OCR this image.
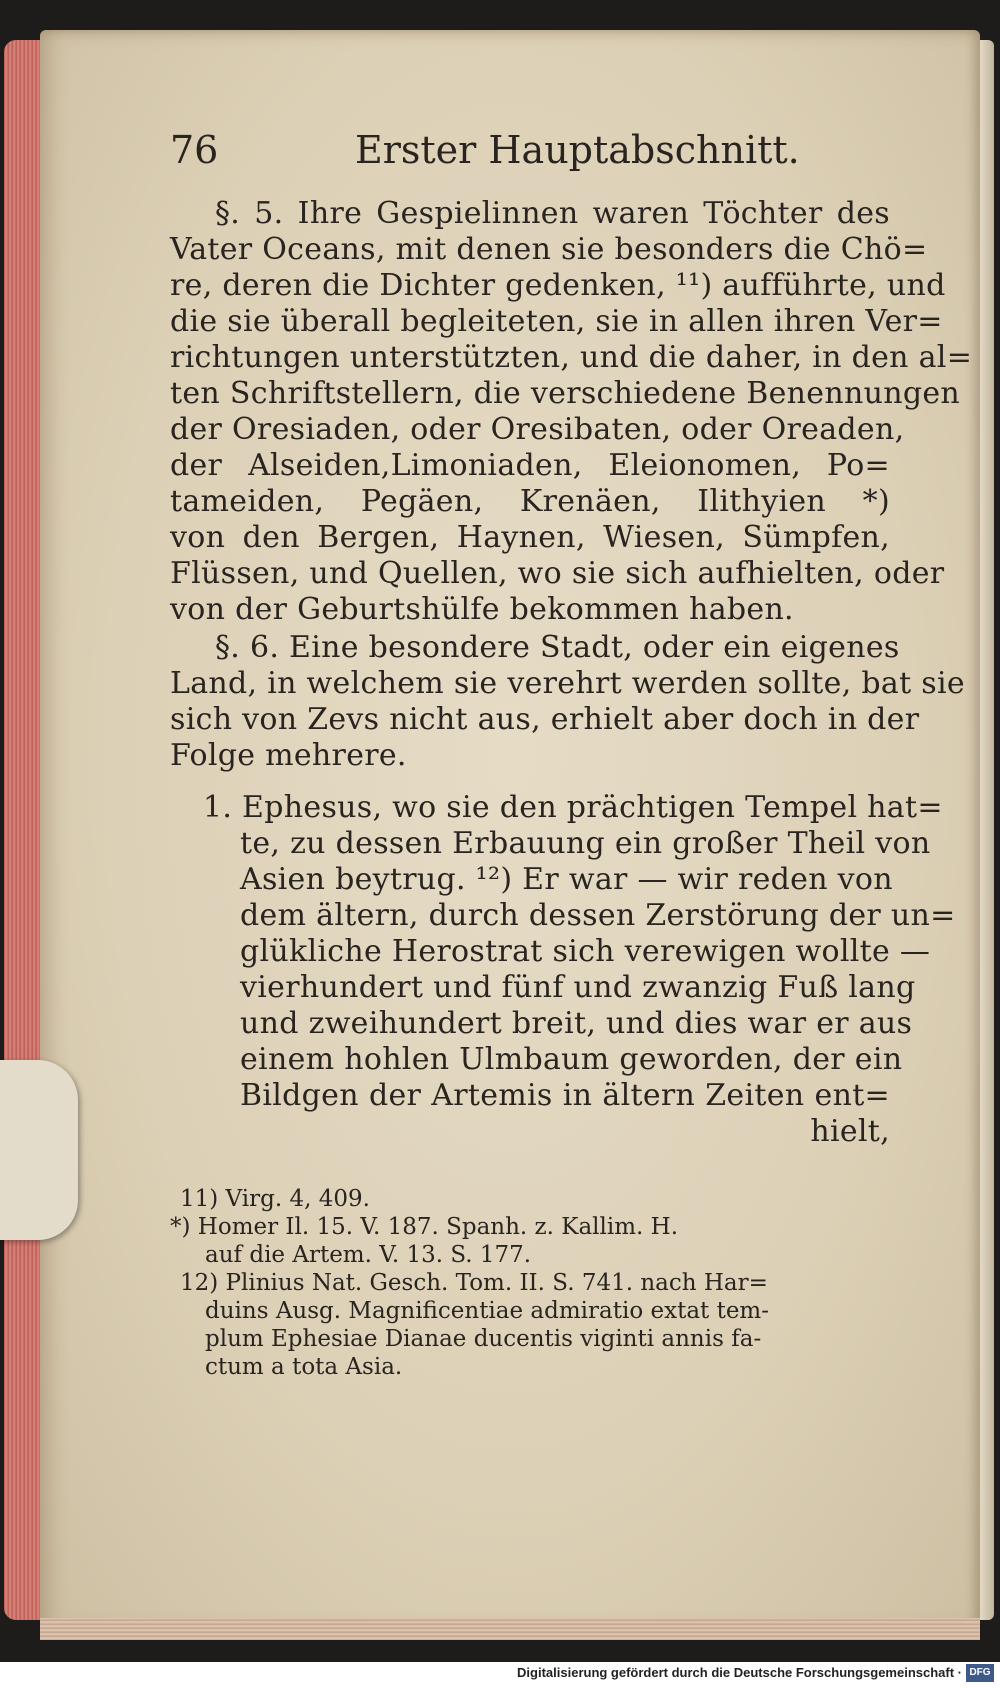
76	Erster Hauptabschnitt.
§. 5. Ihre Gespielinnen waren Töchter des
Vater Oceans, mit denen sie besonders die Chö=
re, deren die Dichter gedenken, ¹¹) aufführte, und
die sie überall begleiteten, sie in allen ihren Ver=
richtungen unterstützten, und die daher, in den al=
ten Schriftstellern, die verschiedene Benennungen
der Oresiaden, oder Oresibaten, oder Oreaden,
der Alseiden,Limoniaden, Eleionomen, Po=
tameiden, Pegäen, Krenäen, Ilithyien *)
von den Bergen, Haynen, Wiesen, Sümpfen,
Flüssen, und Quellen, wo sie sich aufhielten, oder
von der Geburtshülfe bekommen haben.
§. 6. Eine besondere Stadt, oder ein eigenes
Land, in welchem sie verehrt werden sollte, bat sie
sich von Zevs nicht aus, erhielt aber doch in der
Folge mehrere.
1. Ephesus, wo sie den prächtigen Tempel hat=
te, zu dessen Erbauung ein großer Theil von
Asien beytrug. ¹²) Er war — wir reden von
dem ältern, durch dessen Zerstörung der un=
glükliche Herostrat sich verewigen wollte —
vierhundert und fünf und zwanzig Fuß lang
und zweihundert breit, und dies war er aus
einem hohlen Ulmbaum geworden, der ein
Bildgen der Artemis in ältern Zeiten ent=
hielt,
11) Virg. 4, 409.
*) Homer Il. 15. V. 187. Spanh. z. Kallim. H.
auf die Artem. V. 13. S. 177.
12) Plinius Nat. Gesch. Tom. II. S. 741. nach Har=
duins Ausg. Magnificentiae admiratio extat tem-
plum Ephesiae Dianae ducentis viginti annis fa-
ctum a tota Asia.
Digitalisierung gefördert durch die Deutsche Forschungsgemeinschaft · DFG
